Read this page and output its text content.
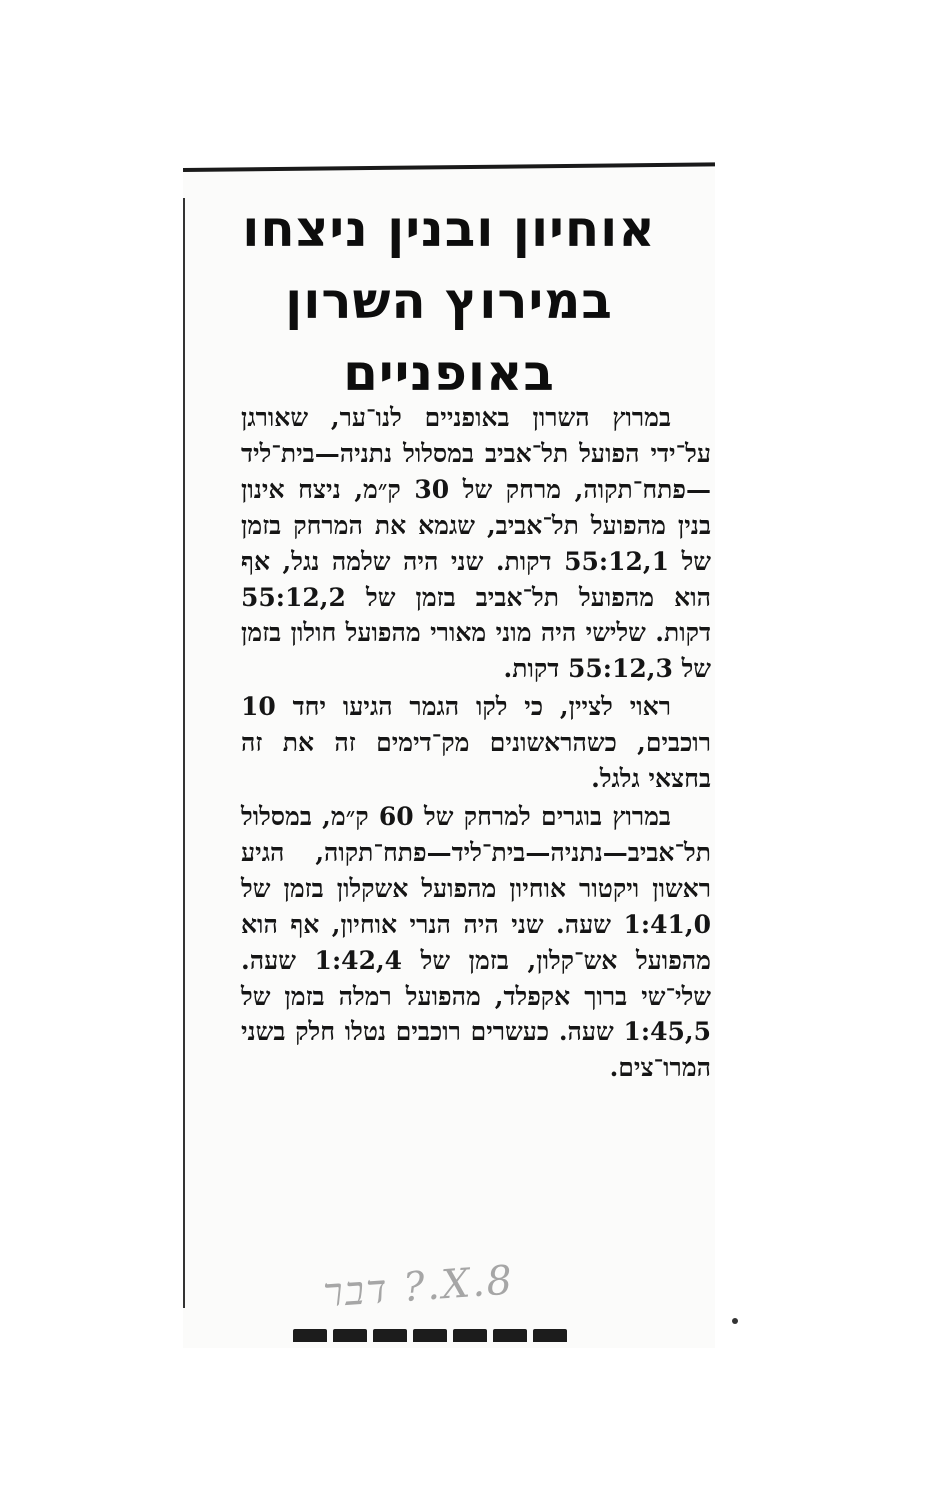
אוחיון ובנין ניצחו
במירוץ השרון
באופניים

במרוץ השרון באופניים לנו־ער, שאורגן על־ידי הפועל תל־אביב במסלול נתניה—בית־ליד—פתח־תקוה, מרחק של 30 ק״מ, ניצח אינון בנין מהפועל תל־אביב, שגמא את המרחק בזמן של 55:12,1 דקות. שני היה שלמה נגל, אף הוא מהפועל תל־אביב בזמן של 55:12,2 דקות. שלישי היה מוני מאורי מהפועל חולון בזמן של 55:12,3 דקות.

ראוי לציין, כי לקו הגמר הגיעו יחד 10 רוכבים, כשהראשונים מק־דימים זה את זה בחצאי גלגל.

במרוץ בוגרים למרחק של 60 ק״מ, במסלול תל־אביב—נתניה—בית־ליד—פתח־תקוה, הגיע ראשון ויקטור אוחיון מהפועל אשקלון בזמן של 1:41,0 שעה. שני היה הנרי אוחיון, אף הוא מהפועל אש־קלון, בזמן של 1:42,4 שעה. שלי־שי ברוך אקפלד, מהפועל רמלה בזמן של 1:45,5 שעה. כעשרים רוכבים נטלו חלק בשני המרו־צים.

8.X.? דבר
